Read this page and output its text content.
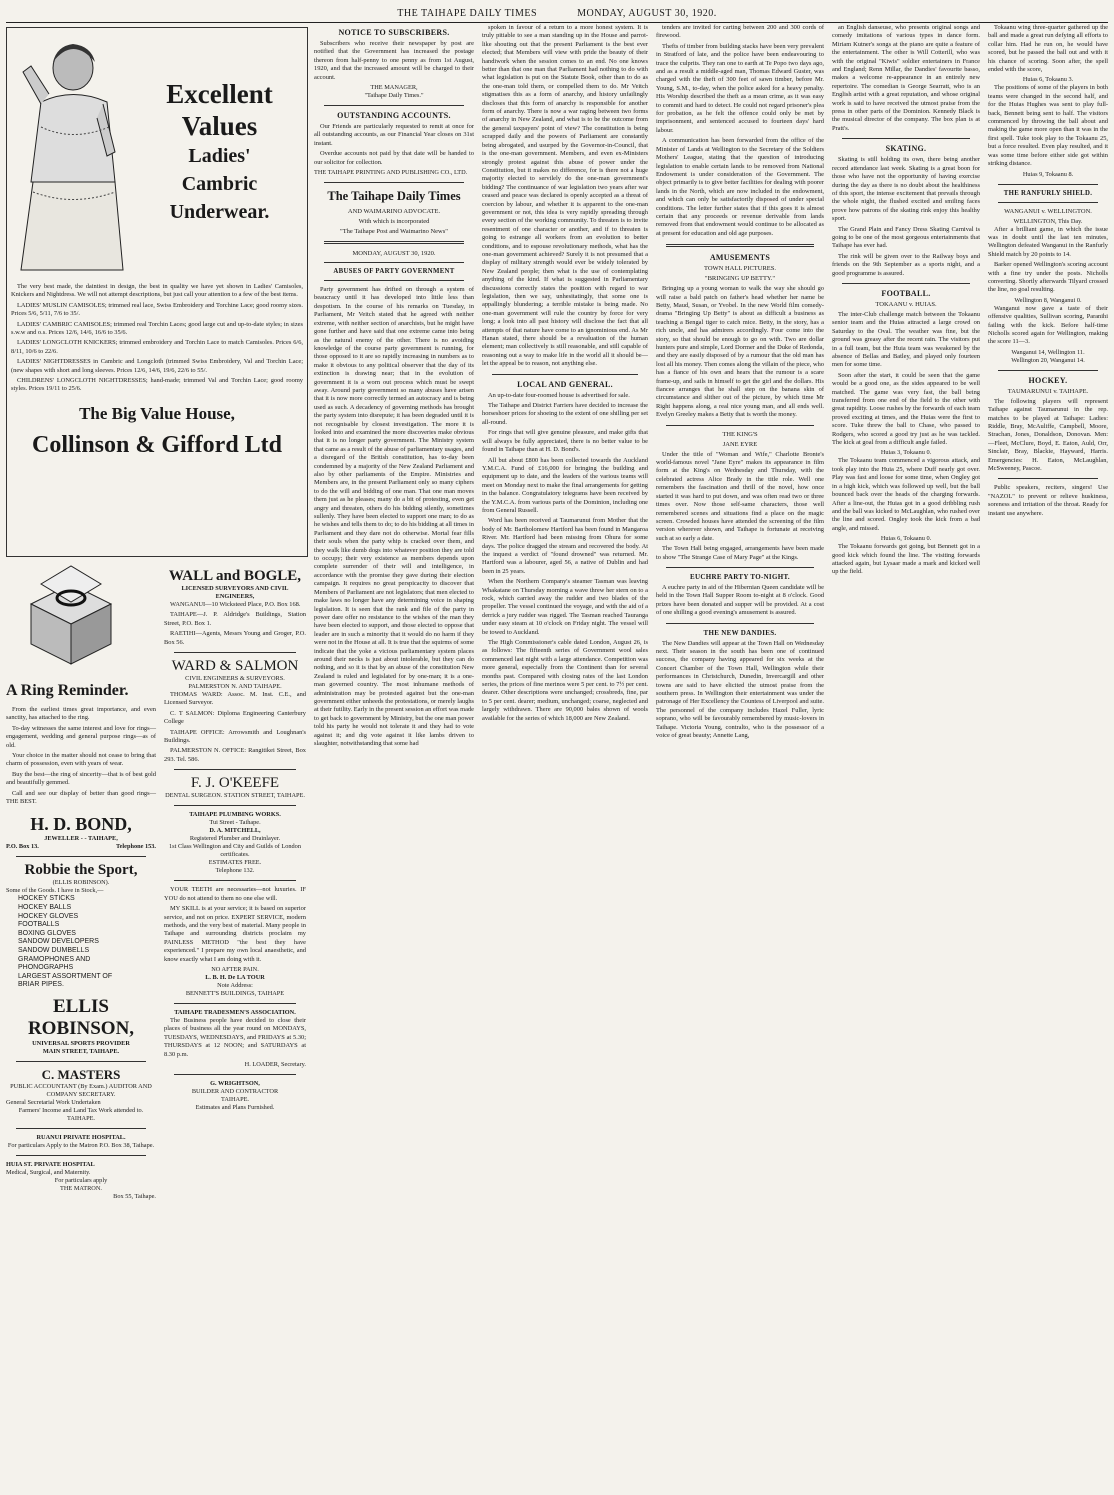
THE TAIHAPE DAILY TIMES	MONDAY, AUGUST 30, 1920.
Excellent
Values
Ladies'
Cambric
Underwear.

The very best made, the daintiest in design, the best in quality we have yet shown in Ladies' Camisoles, Knickers and Nightdress. We will not attempt descriptions, but just call your attention to a few of the best items.

LADIES' MUSLIN CAMISOLES; trimmed real lace, Swiss Embroidery and Torchine Lace; good roomy sizes. Prices 5/6, 5/11, 7/6 to 35/.

LADIES' CAMBRIC CAMISOLES; trimmed real Torchin Laces; good large cut and up-to-date styles; in sizes s.w.w and o.s. Prices 12/6, 14/6, 16/6 to 35/6.

LADIES' LONGCLOTH KNICKERS; trimmed embroidery and Torchin Lace to match Camisoles. Prices 6/6, 8/11, 10/6 to 22/6.

LADIES' NIGHTDRESSES in Cambric and Longcloth (trimmed Swiss Embroidery, Val and Torchin Lace; (new shapes with short and long sleeves. Prices 12/6, 14/6, 19/6, 22/6 to 55/.

CHILDRENS' LONGCLOTH NIGHTDRESSES; hand-made; trimmed Val and Torchin Lace; good roomy styles. Prices 19/11 to 25/6.

The Big Value House,
Collinson & Gifford Ltd
A Ring Reminder.

From the earliest times great importance, and even sanctity, has attached to the ring.

To-day witnesses the same interest and love for rings—engagement, wedding and general purpose rings—as of old.

Your choice in the matter should not cease to bring that charm of possession, even with years of wear.

Buy the best—the ring of sincerity—that is of best gold and beautifully gemmed.

Call and see our display of better than good rings—THE BEST.

H. D. BOND,
JEWELLER - - TAIHAPE,
P.O. Box 13.	Telephone 153.
Robbie the Sport,
(ELLIS ROBINSON).
Some of the Goods. I have in Stock,—
HOCKEY STICKS
HOCKEY BALLS
HOCKEY GLOVES
FOOTBALLS
BOXING GLOVES
SANDOW DEVELOPERS
SANDOW DUMBELLS
GRAMOPHONES AND
PHONOGRAPHS
LARGEST ASSORTMENT OF
BRIAR PIPES.
ELLIS ROBINSON,
UNIVERSAL SPORTS PROVIDER
MAIN STREET, TAIHAPE.
C. MASTERS
PUBLIC ACCOUNTANT (By Exam.) AUDITOR AND COMPANY SECRETARY.
General Secretarial Work Undertaken
Farmers' Income and Land Tax Work attended to.
TAIHAPE.
RUANUI PRIVATE HOSPITAL.
For particulars Apply to the Matron P.O. Box 38, Taihape.
HUIA ST. PRIVATE HOSPITAL
Medical, Surgical, and Maternity.
For particulars apply
THE MATRON.
Box 55, Taihape.
WALL and BOGLE,
LICENSED SURVEYORS AND CIVIL ENGINEERS,

WANGANUI—10 Wicksteed Place, P.O. Box 168.

TAIHAPE—J. P. Aldridge's Buildings, Station Street, P.O. Box 1.

RAETIHI—Agents, Messrs Young and Groger, P.O. Box 56.

WARD & SALMON
CIVIL ENGINEERS & SURVEYORS. PALMERSTON N. AND TAIHAPE.

THOMAS WARD: Assoc. M. Inst. C.E., and Licensed Surveyor.

C. T SALMON: Diploma Engineering Canterbury College

TAIHAPE OFFICE: Arrowsmith and Loughnan's Buildings.

PALMERSTON N. OFFICE: Rangitikei Street, Box 293. Tel. 586.

F. J. O'KEEFE
DENTAL SURGEON. STATION STREET, TAIHAPE.
TAIHAPE PLUMBING WORKS.
Tui Street - Taihape.
D. A. MITCHELL,
Registered Plumber and Drainlayer.
1st Class Wellington and City and Guilds of London certificates.
ESTIMATES FREE.
Telephone 132.

YOUR TEETH are necessaries—not luxuries. IF YOU do not attend to them no one else will.

MY SKILL is at your service; it is based on superior service, and not on price. EXPERT SERVICE, modern methods, and the very best of material. Many people in Taihape and surrounding districts proclaim my PAINLESS METHOD "the best they have experienced." I prepare my own local anaesthetic, and know exactly what I am doing with it.

NO AFTER PAIN.
L. B. H. De LA TOUR
Note Address:
BENNETT'S BUILDINGS, TAIHAPE
TAIHAPE TRADESMEN'S ASSOCIATION.

The Business people have decided to close their places of business all the year round on MONDAYS, TUESDAYS, WEDNESDAYS, and FRIDAYS at 5.30; THURSDAYS at 12 NOON; and SATURDAYS at 8.30 p.m.

H. LOADER, Secretary.
G. WRIGHTSON,
BUILDER AND CONTRACTOR
TAIHAPE.
Estimates and Plans Furnished.
NOTICE TO SUBSCRIBERS.

Subscribers who receive their newspaper by post are notified that the Government has increased the postage thereon from half-penny to one penny as from 1st August, 1920, and that the increased amount will be charged to their account.

THE MANAGER,
"Taihape Daily Times."
OUTSTANDING ACCOUNTS.

Our Friends are particularly requested to remit at once for all outstanding accounts, as our Financial Year closes on 31st instant.

Overdue accounts not paid by that date will be handed to our solicitor for collection.

THE TAIHAPE PRINTING AND PUBLISHING CO., LTD.
The Taihape Daily Times
AND WAIMARINO ADVOCATE.
With which is incorporated
"The Taihape Post and Waimarino News"
MONDAY, AUGUST 30, 1920.
ABUSES OF PARTY GOVERNMENT

Party government has drifted on through a system of beaucracy until it has developed into little less than despotism. In the course of his remarks on Tuesday, in Parliament, Mr Veitch stated that he agreed with neither extreme, with neither section of anarchists, but he might have gone further and have said that one extreme came into being as the natural enemy of the other. There is no avoiding knowledge of the course party government is running, for those opposed to it are so rapidly increasing in numbers as to make it obvious to any political observer that the day of its extinction is drawing near; that in the evolution of government it is a worn out process which must be swept away. Around party government so many abuses have arisen that it is now more correctly termed an autocracy and is being used as such. A decadency of governing methods has brought the party system into disrepute; it has been degraded until it is not recognisable by closest investigation. The more it is looked into and examined the more discoveries make obvious that it is no longer party government. The Ministry system that came as a result of the abuse of parliamentary usages, and a disregard of the British constitution, has to-day been condemned by a majority of the New Zealand Parliament and also by other parliaments of the Empire. Ministries and Members are, in the present Parliament only so many ciphers to do the will and bidding of one man. That one man moves them just as he pleases; many do a bit of protesting, even get angry and threaten, others do his bidding silently, sometimes sullenly. They have been elected to support one man; to do as he wishes and tells them to do; to do his bidding at all times in Parliament and they dare not do otherwise. Mortal fear fills their souls when the party whip is cracked over them, and they walk like dumb dogs into whatever position they are told to occupy; their very existence as members depends upon complete surrender of their will and intelligence, in accordance with the promise they gave during their election campaign. It requires no great perspicacity to discover that Members of Parliament are not legislators; that men elected to make laws no longer have any determining voice in shaping legislation. It is seen that the rank and file of the party in power dare offer no resistance to the wishes of the man they have been elected to support, and those elected to oppose that leader are in such a minority that it would do no harm if they were not in the House at all. It is true that the squirms of some indicate that the yoke a vicious parliamentary system places around their necks is just about intolerable, but they can do nothing, and so it is that by an abuse of the constitution New Zealand is ruled and legislated for by one-man; it is a one-man governed country. The most inhumane methods of administration may be protested against but the one-man government either unheeds the protestations, or merely laughs at their futility. Early in the present session an effort was made to get back to government by Ministry, but the one man power told his party he would not tolerate it and they had to vote against it; and dig vote against it like lambs driven to slaughter, notwithstanding that some had

spoken in favour of a return to a more honest system. It is truly pitiable to see a man standing up in the House and parrot-like shouting out that the present Parliament is the best ever elected; that Members will view with pride the beauty of their handiwork when the session comes to an end. No one knows better than that one man that Parliament had nothing to do with what legislation is put on the Statute Book, other than to do as the one-man told them, or compelled them to do. Mr Veitch stigmatises this as a form of anarchy, and history unfailingly discloses that this form of anarchy is responsible for another form of anarchy. There is now a war raging between two forms of anarchy in New Zealand, and what is to be the outcome from the general taxpayers' point of view? The constitution is being scrapped daily and the powers of Parliament are constantly being abrogated, and usurped by the Governor-in-Council, that is the one-man government. Members, and even ex-Ministers strongly protest against this abuse of power under the Constitution, but it makes no difference, for is there not a huge majority elected to servilely do the one-man government's bidding? The continuance of war legislation two years after war ceased and peace was declared is openly accepted as a threat of coercion by labour, and whether it is apparent to the one-man government or not, this idea is very rapidly spreading through every section of the working community. To threaten is to invite resentment of one character or another, and if to threaten is going to estrange all workers from an evolution to better conditions, and to espouse revolutionary methods, what has the one-man government achieved? Surely it is not presumed that a display of military strength would ever be widely tolerated by New Zealand people; then what is the use of contemplating anything of the kind. If what is suggested in Parliamentary discussions correctly states the position with regard to war legislation, then we say, unhesitatingly, that some one is appallingly blundering; a terrible mistake is being made. No one-man government will rule the country by force for very long; a look into all past history will disclose the fact that all attempts of that nature have come to an ignominious end. As Mr Hanan stated, there should be a revaluation of the human element; man collectively is still reasonable, and still capable of reasoning out a way to make life in the world all it should be—let the appeal be to reason, not anything else.

LOCAL AND GENERAL.

An up-to-date four-roomed house is advertised for sale.

The Taihape and District Farriers have decided to increase the horseshoer prices for shoeing to the extent of one shilling per set all-round.

For rings that will give genuine pleasure, and make gifts that will always be fully appreciated, there is no better value to be found in Taihape than at H. D. Bond's.

All but about £800 has been collected towards the Auckland Y.M.C.A. Fund of £16,000 for bringing the building and equipment up to date, and the leaders of the various teams will meet on Monday next to make the final arrangements for getting in the balance. Congratulatory telegrams have been received by the Y.M.C.A. from various parts of the Dominion, including one from General Russell.

Word has been received at Taumarunui from Mother that the body of Mr. Bartholomew Hartford has been found in Mangaroa River. Mr. Hartford had been missing from Ohura for some days. The police dragged the stream and recovered the body. At the inquest a verdict of "found drowned" was returned. Mr. Hartford was a labourer, aged 56, a native of Dublin and had been in 25 years.

When the Northern Company's steamer Tasman was leaving Whakatane on Thursday morning a wave threw her stern on to a rock, which carried away the rudder and two blades of the propeller. The vessel continued the voyage, and with the aid of a derrick a jury rudder was rigged. The Tasman reached Tauranga under easy steam at 10 o'clock on Friday night. The vessel will be towed to Auckland.

The High Commissioner's cable dated London, August 26, is as follows: The fifteenth series of Government wool sales commenced last night with a large attendance. Competition was more general, especially from the Continent than for several months past. Compared with closing rates of the last London series, the prices of fine merinos were 5 per cent. to 7½ per cent. dearer. Other descriptions were unchanged; crossbreds, fine, par to 5 per cent. dearer; medium, unchanged; coarse, neglected and largely withdrawn. There are 90,000 bales shown of wools available for the series of which 18,000 are New Zealand.

tenders are invited for carting between 200 and 300 cords of firewood.

Thefts of timber from building stacks have been very prevalent in Stratford of late, and the police have been endeavouring to trace the culprits. They ran one to earth at Te Popo two days ago, and as a result a middle-aged man, Thomas Edward Guster, was charged with the theft of 300 feet of sawn timber, before Mr. Young, S.M., to-day, when the police asked for a heavy penalty. His Worship described the theft as a mean crime, as it was easy to commit and hard to detect. He could not regard prisoner's plea for probation, as he felt the offence could only be met by imprisonment, and sentenced accused to fourteen days' hard labour.

A communication has been forwarded from the office of the Minister of Lands at Wellington to the Secretary of the Soldiers Mothers' League, stating that the question of introducing legislation to enable certain lands to be removed from National Endowment is under consideration of the Government. The object primarily is to give better facilities for dealing with poorer lands in the North, which are now included in the endowment, and which can only be satisfactorily disposed of under special conditions. The letter further states that if this goes it is almost certain that any proceeds or revenue derivable from lands removed from that endowment would continue to be allocated as at present for education and old age purposes.

AMUSEMENTS
TOWN HALL PICTURES.
"BRINGING UP BETTY."

Bringing up a young woman to walk the way she should go will raise a bald patch on father's head whether her name be Betty, Maud, Susan, or Yvobel. In the new World film comedy-drama "Bringing Up Betty" is about as difficult a business as teaching a Bengal tiger to catch mice. Betty, in the story, has a rich uncle, and has admirers accordingly. Four come into the story, so that should be enough to go on with. Two are dollar hunters pure and simple, Lord Dormer and the Duke of Redonda, and they are easily disposed of by a rumour that the old man has lost all his money. Then comes along the villain of the piece, who has a fiance of his own and hears that the rumour is a scare frame-up, and sails in himself to get the girl and the dollars. His fiancee arranges that he shall step on the banana skin of circumstance and slither out of the picture, by which time Mr Right happens along, a real nice young man, and all ends well. Evelyn Greeley makes a Betty that is worth the money.

THE KING'S
JANE EYRE

Under the title of "Woman and Wife," Charlotte Bronte's world-famous novel "Jane Eyre" makes its appearance in film form at the King's on Wednesday and Thursday, with the celebrated actress Alice Brady in the title role. Well one remembers the fascination and thrill of the novel, how once started it was hard to put down, and was often read two or three times over. Now those self-same characters, those well remembered scenes and situations find a place on the magic screen. Crowded houses have attended the screening of the film version wherever shown, and Taihape is fortunate at receiving such at so early a date.

The Town Hall being engaged, arrangements have been made to show "The Strange Case of Mary Page" at the Kings.

EUCHRE PARTY TO-NIGHT.

A euchre party in aid of the Hibernian Queen candidate will be held in the Town Hall Supper Room to-night at 8 o'clock. Good prizes have been donated and supper will be provided. At a cost of one shilling a good evening's amusement is assured.

THE NEW DANDIES.

The New Dandies will appear at the Town Hall on Wednesday next. Their season in the south has been one of continued success, the company having appeared for six weeks at the Concert Chamber of the Town Hall, Wellington while their performances in Christchurch, Dunedin, Invercargill and other towns are said to have elicited the utmost praise from the southern press. In Wellington their entertainment was under the patronage of Her Excellency the Countess of Liverpool and suite. The personnel of the company includes Hazel Fuller, lyric soprano, who will be favourably remembered by music-lovers in Taihape. Victoria Young, contralto, who is the possessor of a voice of great beauty; Annette Lang,

an English danseuse, who presents original songs and comedy imitations of various types in dance form. Miriam Kutner's songs at the piano are quite a feature of the entertainment. The other is Will Cotterill, who was with the original "Kiwis" soldier entertainers in France and England; Renn Millar, the Dandies' favourite basso, makes a welcome re-appearance in an entirely new repertoire. The comedian is George Searratt, who is an English artist with a great reputation, and whose original work is said to have received the utmost praise from the press in other parts of the Dominion. Kennedy Black is the musical director of the company. The box plan is at Pratt's.

SKATING.

Skating is still holding its own, there being another record attendance last week. Skating is a great boon for those who have not the opportunity of having exercise during the day as there is no doubt about the healthiness of this sport, the intense excitement that prevails through the whole night, the flushed excited and smiling faces prove how patrons of the skating rink enjoy this healthy sport.

The Grand Plain and Fancy Dress Skating Carnival is going to be one of the most gorgeous entertainments that Taihape has ever had.

The rink will be given over to the Railway boys and friends on the 9th September as a sports night, and a good programme is assured.

FOOTBALL.
TOKAANU v. HUIAS.

The inter-Club challenge match between the Tokaanu senior team and the Huias attracted a large crowd on Saturday to the Oval. The weather was fine, but the ground was greasy after the recent rain. The visitors put in a full team, but the Huia team was weakened by the absence of Bellas and Batley, and played only fourteen men for some time.

Soon after the start, it could be seen that the game would be a good one, as the sides appeared to be well matched. The game was very fast, the ball being transferred from one end of the field to the other with great rapidity. Loose rushes by the forwards of each team proved exciting at times, and the Huias were the first to score. Tuke threw the ball to Chase, who passed to Rodgers, who scored a good try just as he was tackled. The kick at goal from a difficult angle failed.

Huias 3, Tokaanu 0.

The Tokaanu team commenced a vigorous attack, and took play into the Huia 25, where Duff nearly got over. Play was fast and loose for some time, when Ongley got in a high kick, which was followed up well, but the ball bounced back over the heads of the charging forwards. After a line-out, the Huias got in a good dribbling rush and the ball was kicked to McLaughlan, who rushed over the line and scored. Ongley took the kick from a bad angle, and missed.

Huias 6, Tokaanu 0.

The Tokaanu forwards got going, but Bennett got in a good kick which found the line. The visiting forwards attacked again, but Lysaar made a mark and kicked well up the field.

Tokaanu wing three-quarter gathered up the ball and made a great run defying all efforts to collar him. Had he run on, he would have scored, but he passed the ball out and with it his chance of scoring. Soon after, the spell ended with the score,

Huias 6, Tokaanu 3.

The positions of some of the players in both teams were changed in the second half, and for the Huias Hughes was sent to play full-back, Bennett being sent to half. The visitors commenced by throwing the ball about and making the game more open than it was in the first spell. Tuke took play to the Tokaanu 25, but a force resulted. Even play resulted, and it was some time before either side got within striking distance.

Huias 9, Tokaanu 8.
THE RANFURLY SHIELD.
WANGANUI v. WELLINGTON.
WELLINGTON, This Day.

After a brilliant game, in which the issue was in doubt until the last ten minutes, Wellington defeated Wanganui in the Ranfurly Shield match by 20 points to 14.

Barker opened Wellington's scoring account with a fine try under the posts. Nicholls converting. Shortly afterwards Tilyard crossed the line, no goal resulting.

Wellington 8, Wanganui 0.

Wanganui now gave a taste of their offensive qualities, Sullivan scoring, Paranihi failing with the kick. Before half-time Nicholls scored again for Wellington, making the score 11—3.

Wanganui 14, Wellington 11.
Wellington 20, Wanganui 14.
HOCKEY.
TAUMARUNUI v. TAIHAPE.

The following players will represent Taihape against Taumarunui in the rep. matches to be played at Taihape: Ladies: Riddle, Bray, McAuliffe, Campbell, Moore, Strachan, Jones, Donaldson, Donovan. Men:—Fleet, McClure, Boyd, E. Eaton, Auld, Orr, Sinclair, Bray, Blackie, Hayward, Harris. Emergencies: H. Eaton, McLaughlan, McSweeney, Pascoe.

Public speakers, reciters, singers! Use "NAZOL" to prevent or relieve huskiness, soreness and irritation of the throat. Ready for instant use anywhere.
